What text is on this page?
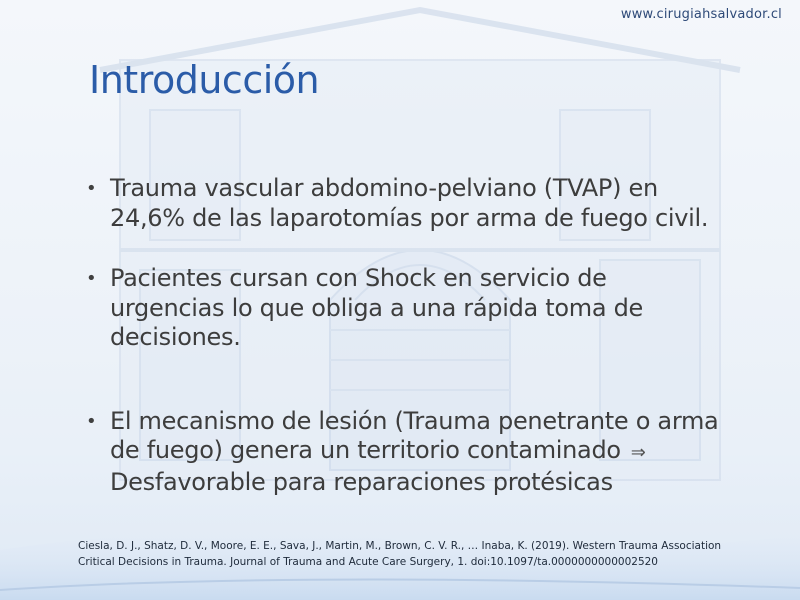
www.cirugiahsalvador.cl
Introducción
• Trauma vascular abdomino-pelviano (TVAP) en
24,6% de las laparotomías por arma de fuego civil.
• Pacientes cursan con Shock en servicio de
urgencias lo que obliga a una rápida toma de
decisiones.
• El mecanismo de lesión (Trauma penetrante o arma
de fuego) genera un territorio contaminado ⇒
Desfavorable para reparaciones protésicas
Ciesla, D. J., Shatz, D. V., Moore, E. E., Sava, J., Martin, M., Brown, C. V. R., … Inaba, K. (2019). Western Trauma Association
Critical Decisions in Trauma. Journal of Trauma and Acute Care Surgery, 1. doi:10.1097/ta.0000000000002520
